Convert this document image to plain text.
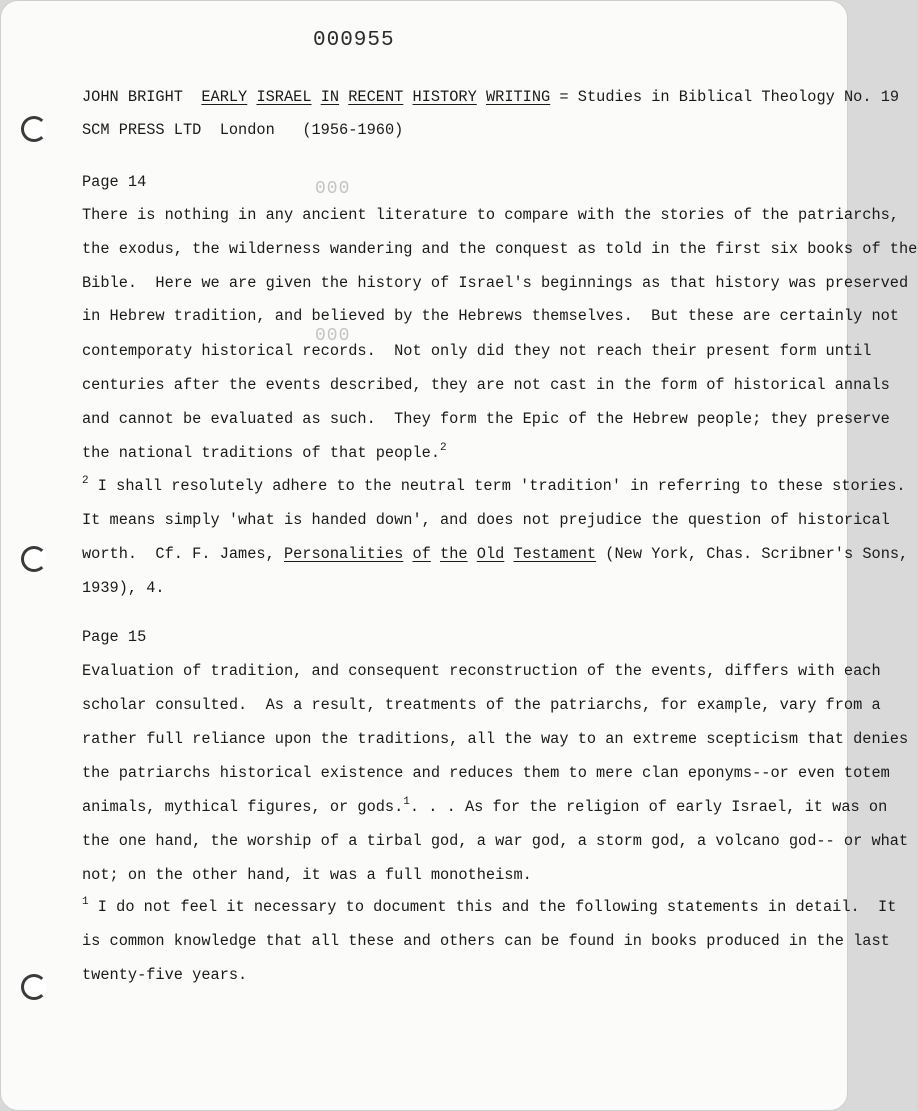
000
000
000955
JOHN BRIGHT EARLY ISRAEL IN RECENT HISTORY WRITING = Studies in Biblical Theology No. 19
SCM PRESS LTD London (1956-1960)
Page 14
There is nothing in any ancient literature to compare with the stories of the patriarchs,
the exodus, the wilderness wandering and the conquest as told in the first six books of the
Bible.  Here we are given the history of Israel's beginnings as that history was preserved
in Hebrew tradition, and believed by the Hebrews themselves.  But these are certainly not
contemporaty historical records.  Not only did they not reach their present form until
centuries after the events described, they are not cast in the form of historical annals
and cannot be evaluated as such.  They form the Epic of the Hebrew people; they preserve
the national traditions of that people.$^2$
$^2$ I shall resolutely adhere to the neutral term 'tradition' in referring to these stories.
It means simply 'what is handed down', and does not prejudice the question of historical
worth.  Cf. F. James, Personalities of the Old Testament (New York, Chas. Scribner's Sons,
1939), 4.
Page 15
Evaluation of tradition, and consequent reconstruction of the events, differs with each
scholar consulted.  As a result, treatments of the patriarchs, for example, vary from a
rather full reliance upon the traditions, all the way to an extreme scepticism that denies
the patriarchs historical existence and reduces them to mere clan eponyms--or even totem
animals, mythical figures, or gods.$^1$. . . As for the religion of early Israel, it was on
the one hand, the worship of a tirbal god, a war god, a storm god, a volcano god-- or what
not; on the other hand, it was a full monotheism.
$^1$ I do not feel it necessary to document this and the following statements in detail.  It
is common knowledge that all these and others can be found in books produced in the last
twenty-five years.
